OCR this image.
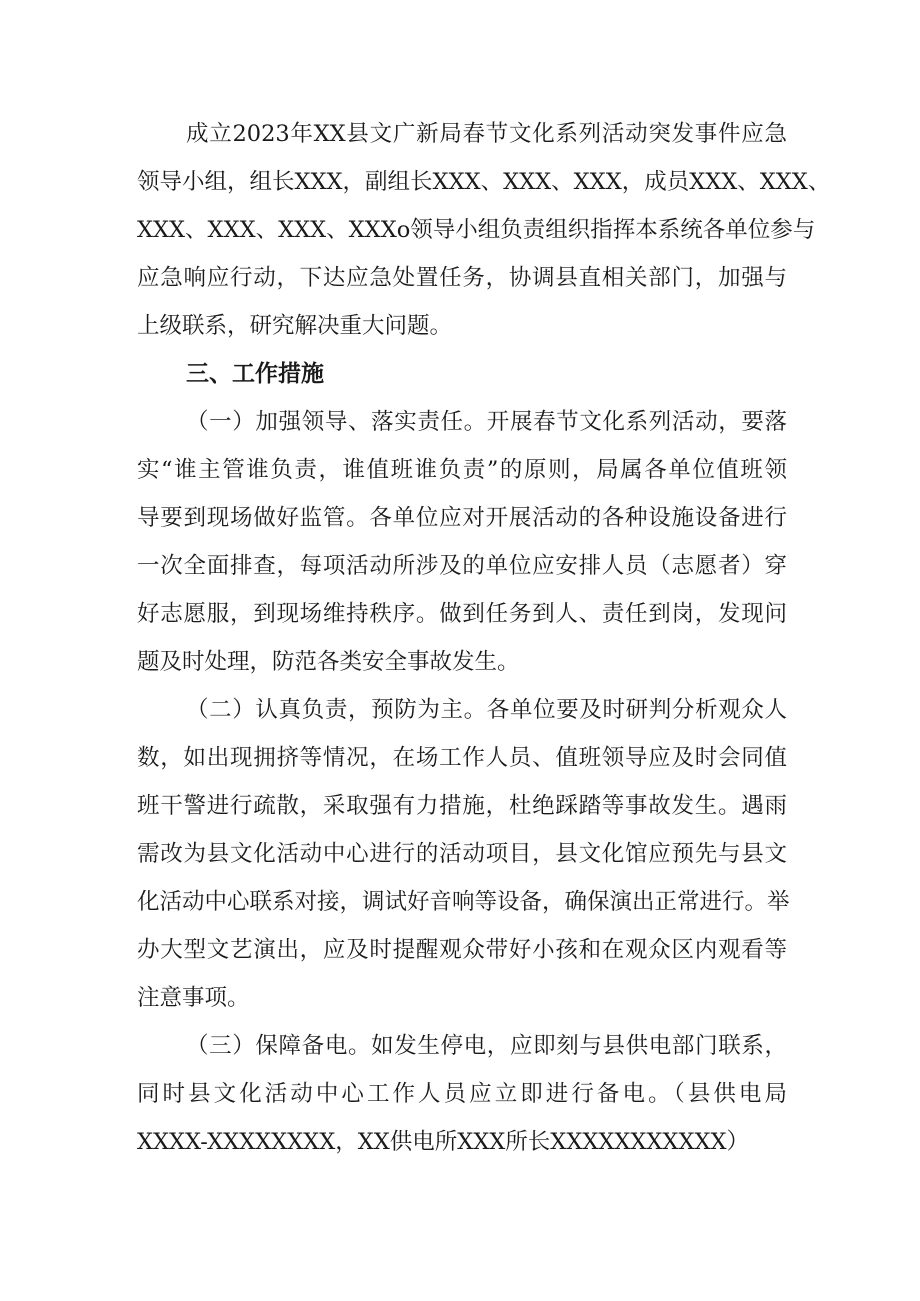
成立2023年XX县文广新局春节文化系列活动突发事件应急
领导小组，组长XXX，副组长XXX、XXX、XXX，成员XXX、XXX、
XXX、XXX、XXX、XXXo领导小组负责组织指挥本系统各单位参与
应急响应行动，下达应急处置任务，协调县直相关部门，加强与
上级联系，研究解决重大问题。
三、工作措施
（一）加强领导、落实责任。开展春节文化系列活动，要落
实“谁主管谁负责，谁值班谁负责”的原则，局属各单位值班领
导要到现场做好监管。各单位应对开展活动的各种设施设备进行
一次全面排查，每项活动所涉及的单位应安排人员（志愿者）穿
好志愿服，到现场维持秩序。做到任务到人、责任到岗，发现问
题及时处理，防范各类安全事故发生。
（二）认真负责，预防为主。各单位要及时研判分析观众人
数，如出现拥挤等情况，在场工作人员、值班领导应及时会同值
班干警进行疏散，采取强有力措施，杜绝踩踏等事故发生。遇雨
需改为县文化活动中心进行的活动项目，县文化馆应预先与县文
化活动中心联系对接，调试好音响等设备，确保演出正常进行。举
办大型文艺演出，应及时提醒观众带好小孩和在观众区内观看等
注意事项。
（三）保障备电。如发生停电，应即刻与县供电部门联系，
同时县文化活动中心工作人员应立即进行备电。（县供电局
XXXX-XXXXXXXX，XX供电所XXX所长XXXXXXXXXXX）
